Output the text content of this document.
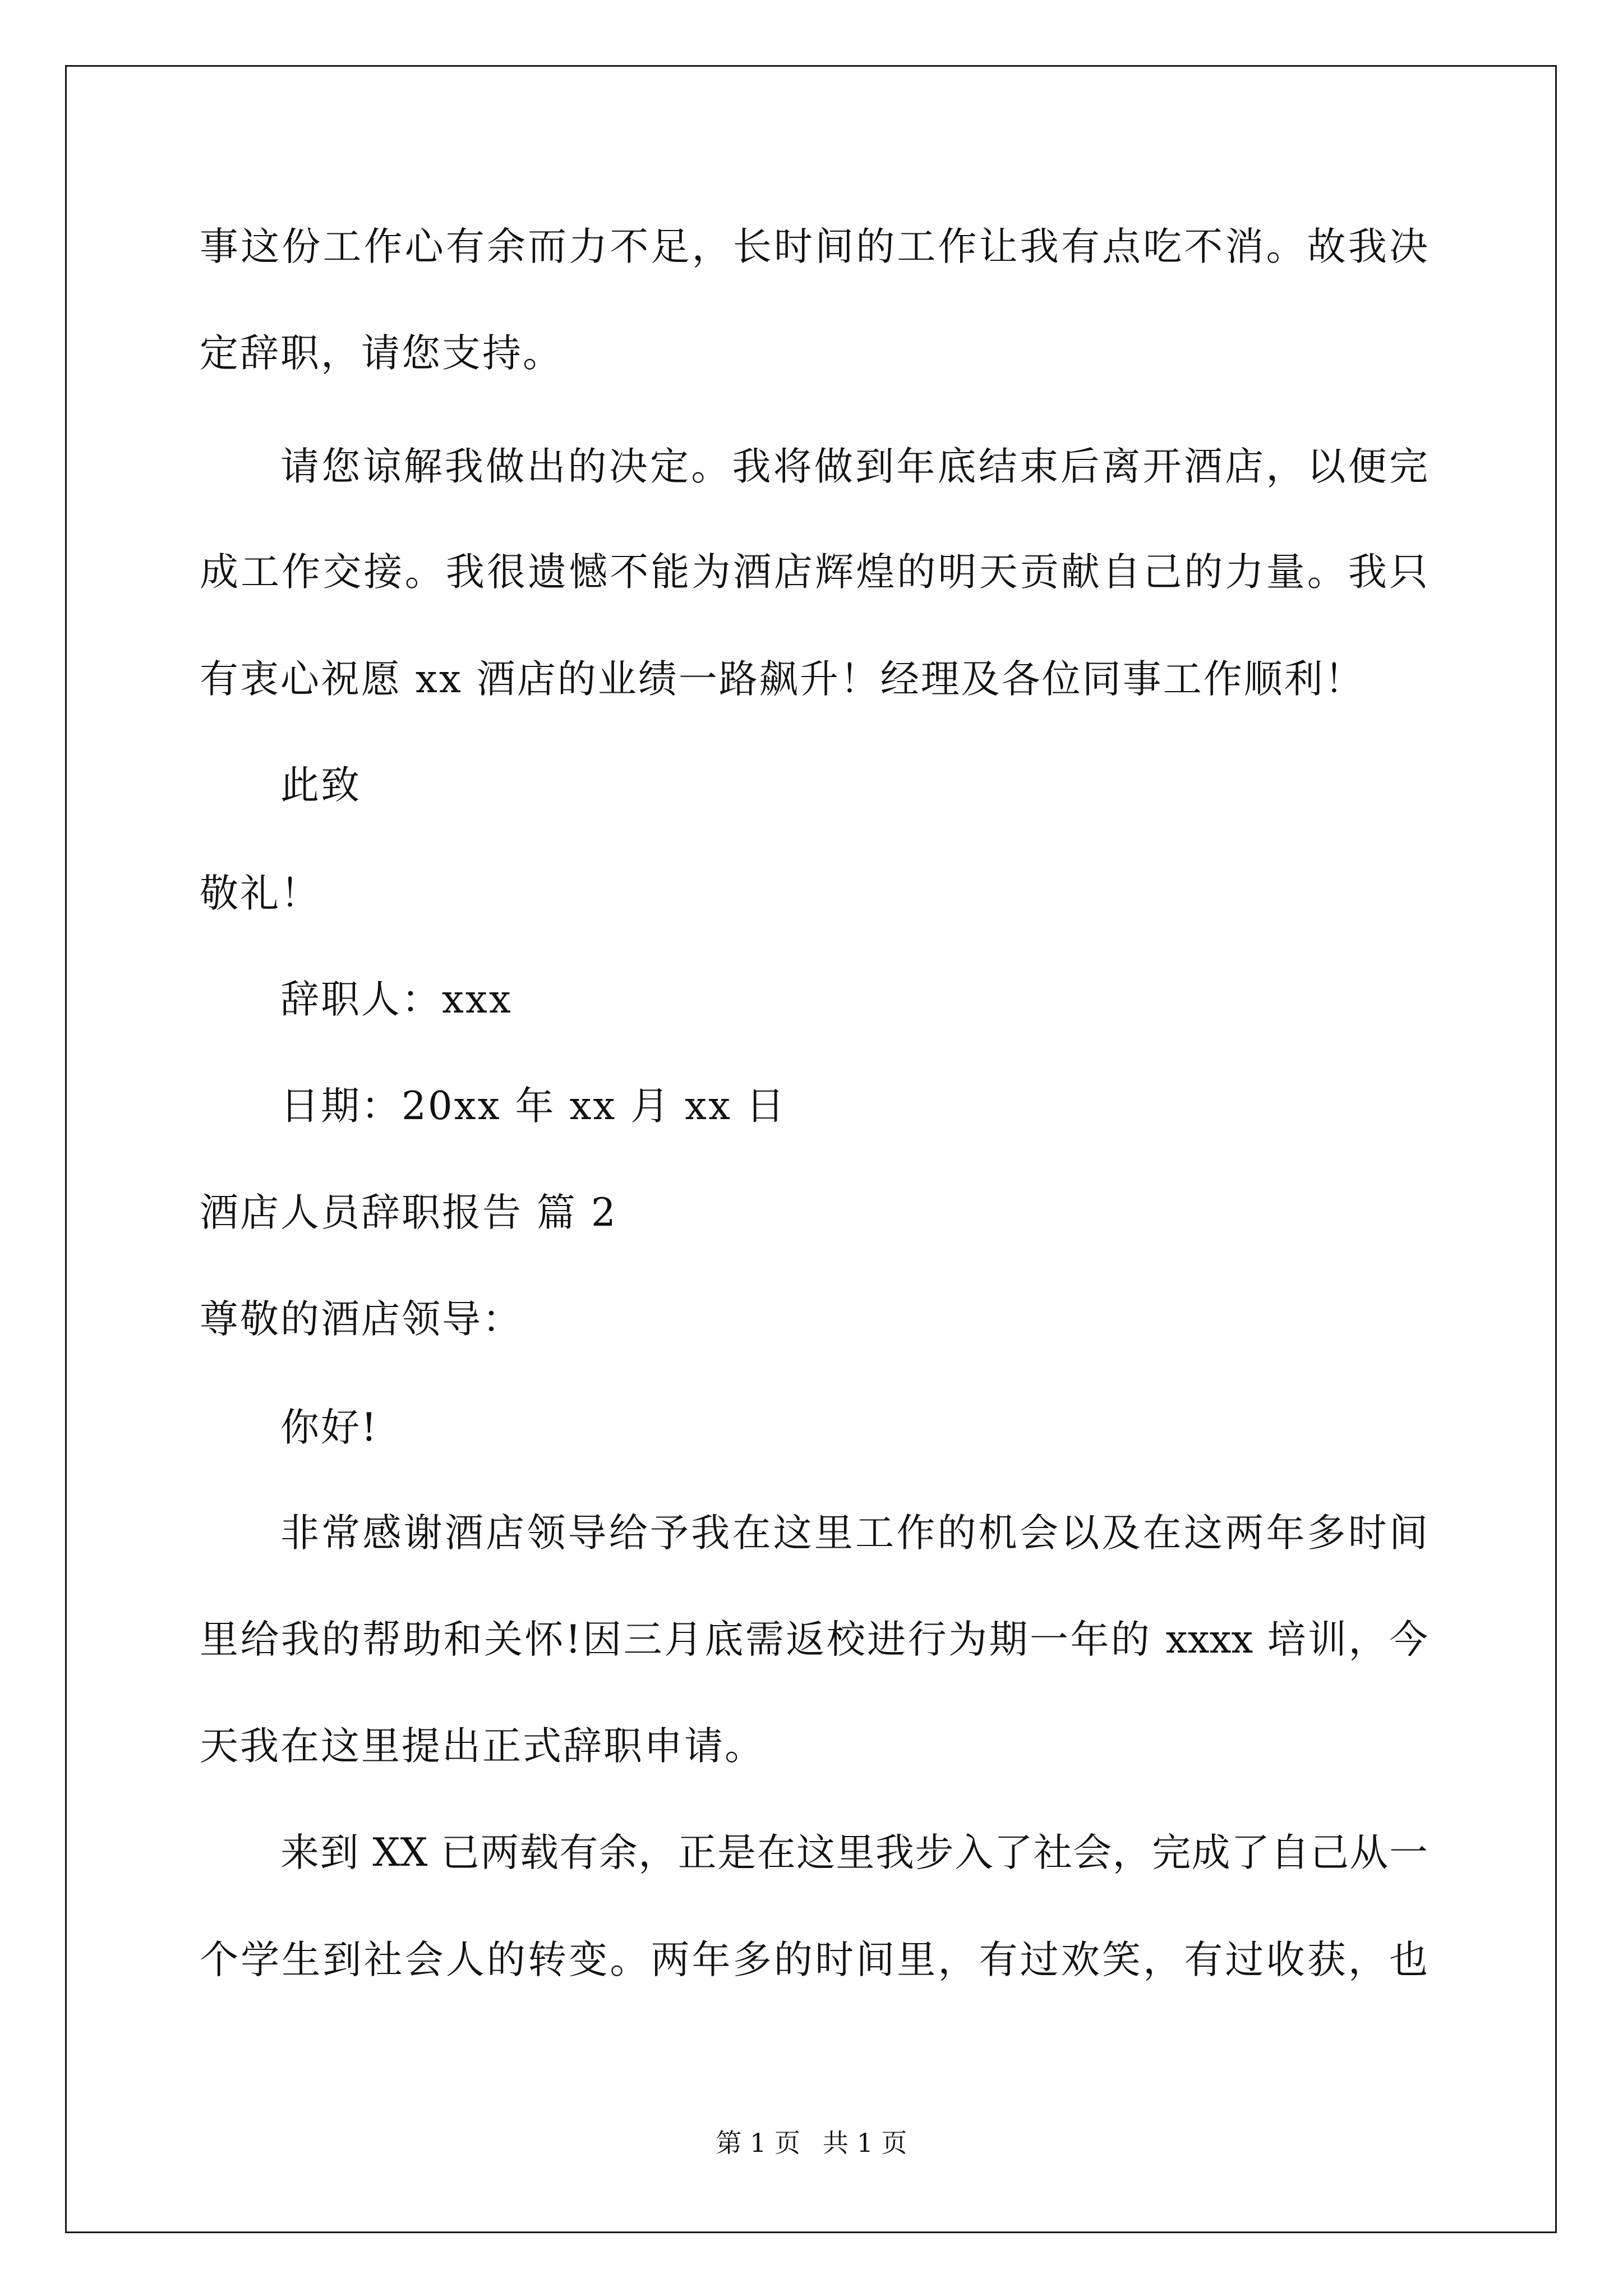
事这份工作心有余而力不足，长时间的工作让我有点吃不消。故我决
定辞职，请您支持。
请您谅解我做出的决定。我将做到年底结束后离开酒店，以便完
成工作交接。我很遗憾不能为酒店辉煌的明天贡献自己的力量。我只
有衷心祝愿 xx 酒店的业绩一路飙升！经理及各位同事工作顺利！
此致
敬礼！
辞职人：xxx
日期：20xx 年 xx 月 xx 日
酒店人员辞职报告 篇 2
尊敬的酒店领导：
你好!
非常感谢酒店领导给予我在这里工作的机会以及在这两年多时间
里给我的帮助和关怀!因三月底需返校进行为期一年的 xxxx 培训，今
天我在这里提出正式辞职申请。
来到 XX 已两载有余，正是在这里我步入了社会，完成了自己从一
个学生到社会人的转变。两年多的时间里，有过欢笑，有过收获，也
第 1 页 共 1 页
